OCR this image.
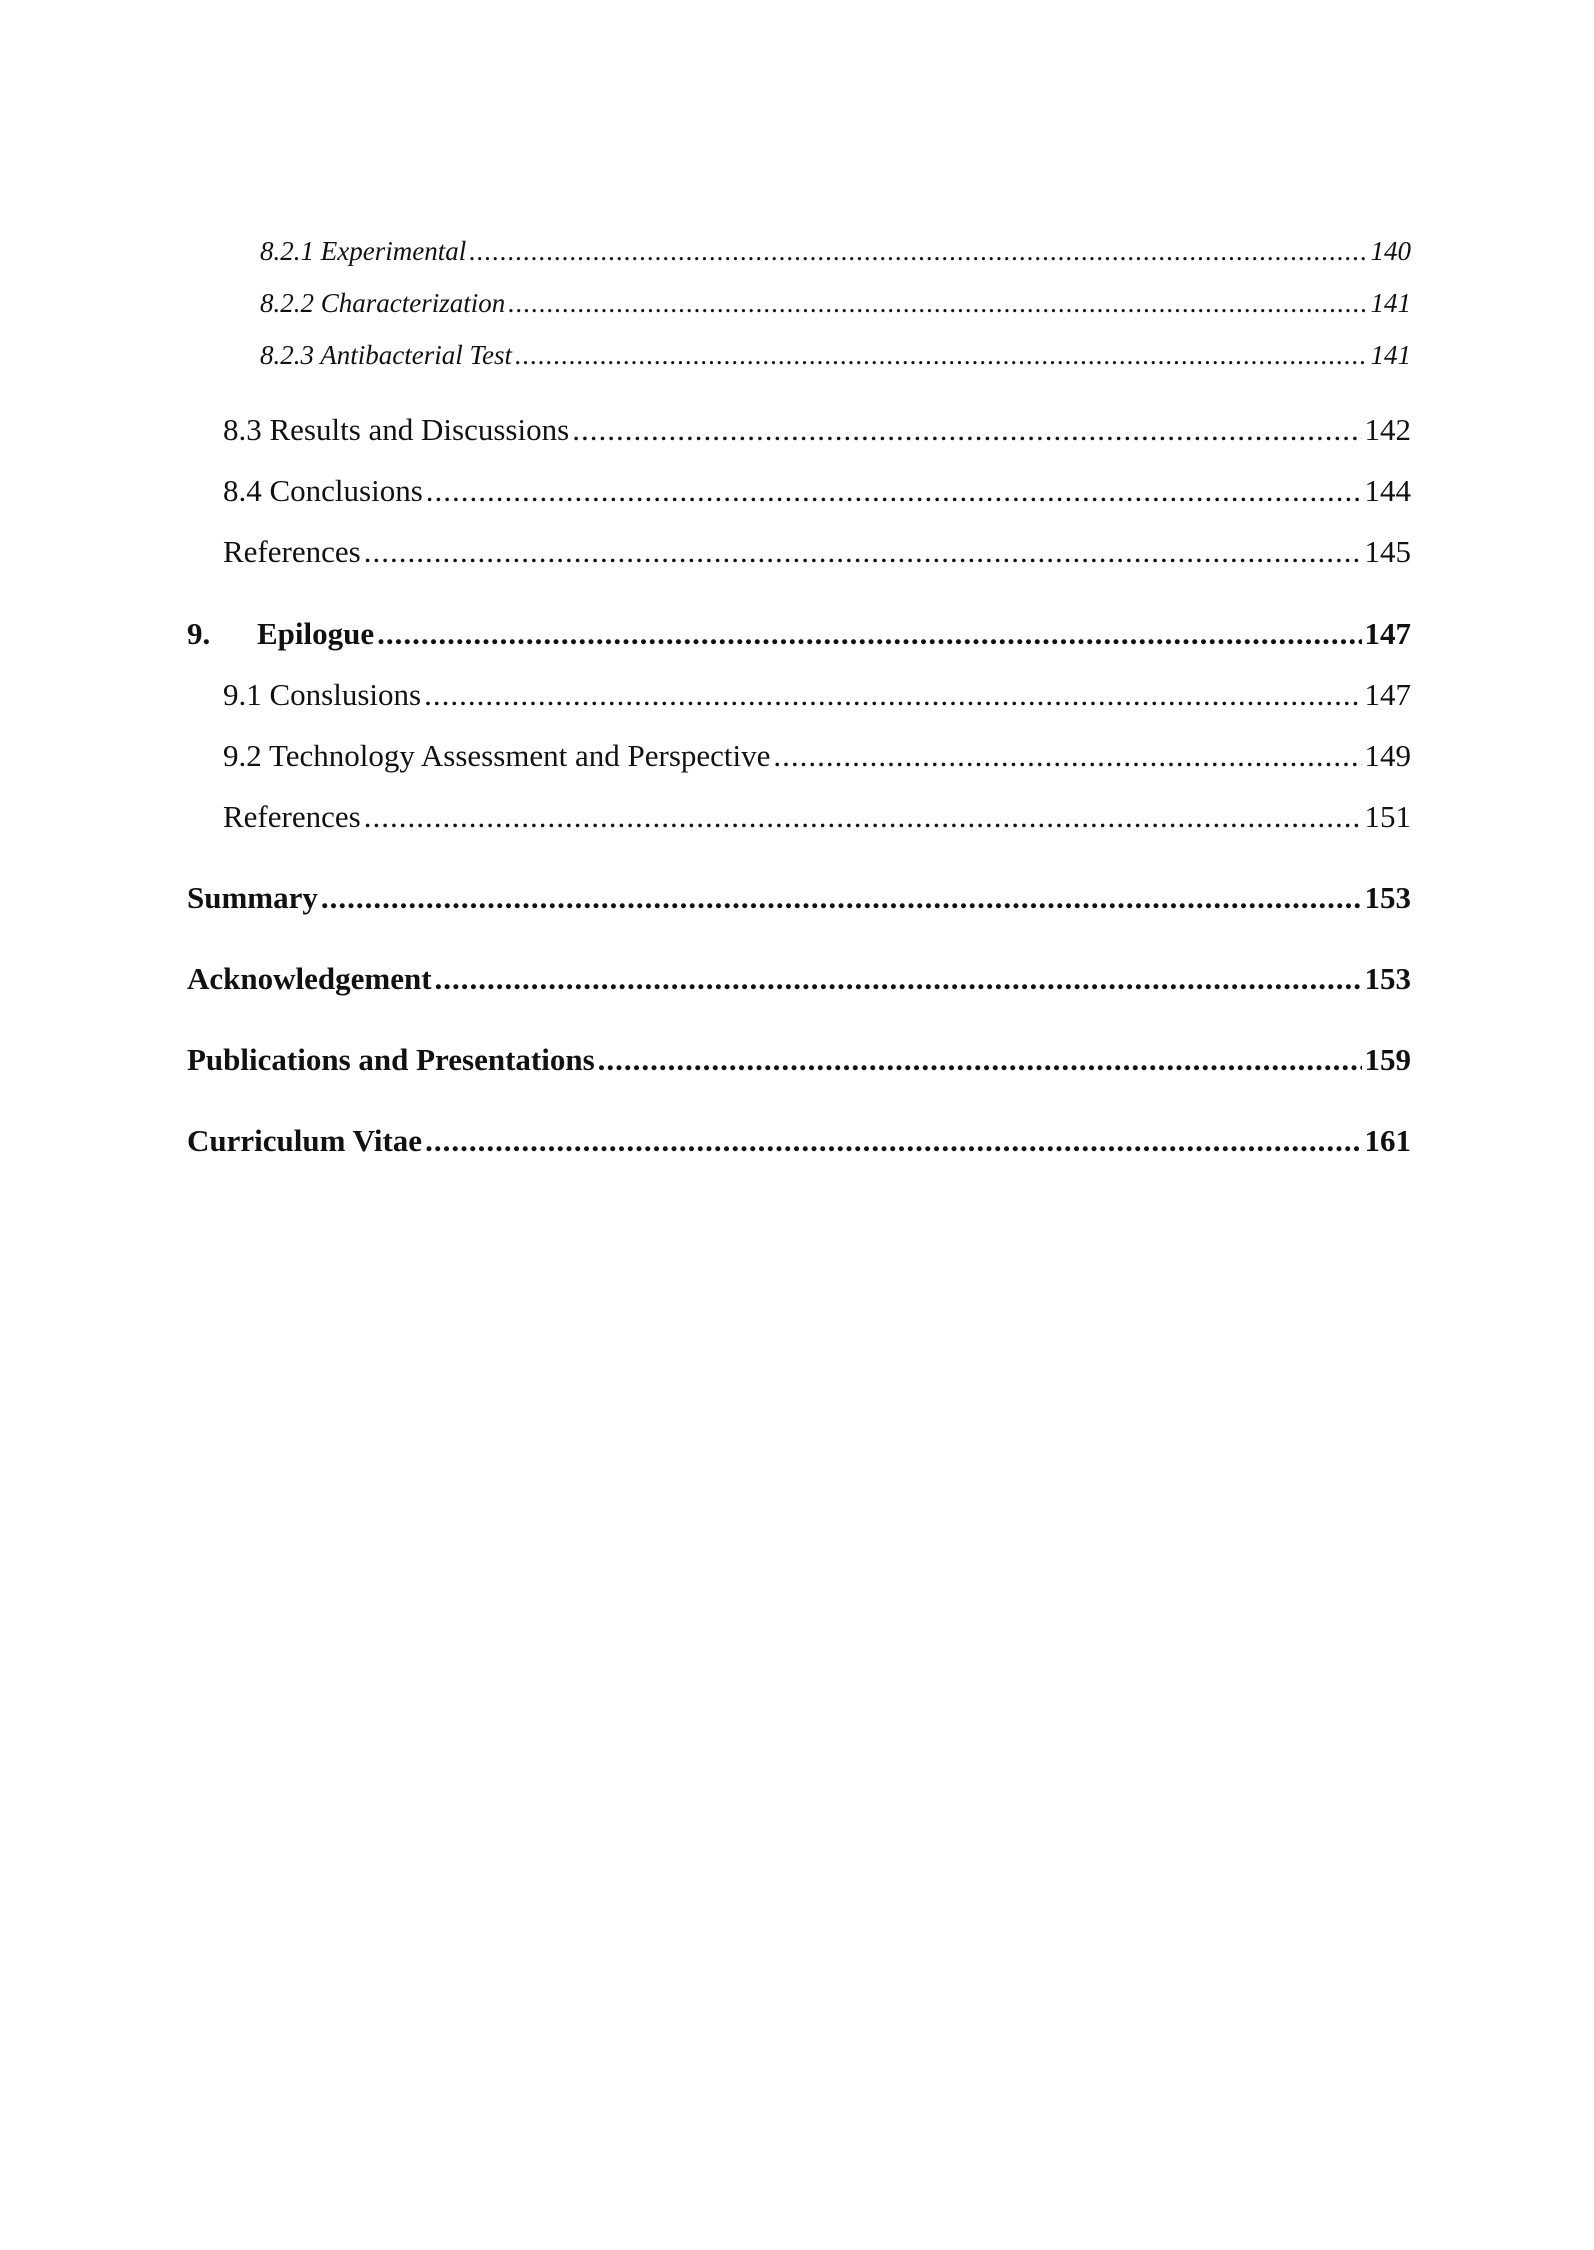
8.2.1 Experimental .....	140
8.2.2 Characterization .....	141
8.2.3 Antibacterial Test .....	141
8.3 Results and Discussions .....	142
8.4 Conclusions .....	144
References .....	145
9.	Epilogue .....	147
9.1 Conslusions .....	147
9.2 Technology Assessment and Perspective .....	149
References .....	151
Summary .....	153
Acknowledgement .....	153
Publications and Presentations .....	159
Curriculum Vitae .....	161
